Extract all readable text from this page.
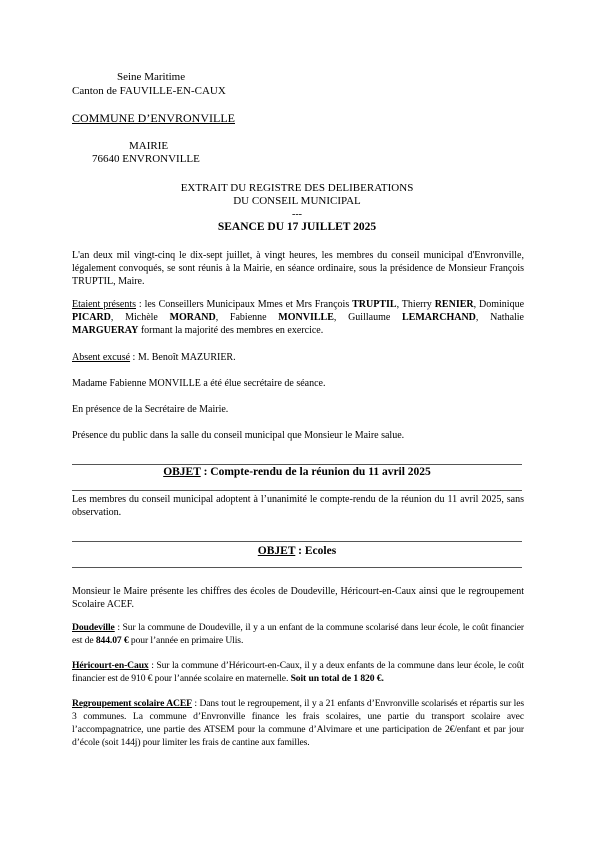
Seine Maritime
Canton de FAUVILLE-EN-CAUX
COMMUNE D’ENVRONVILLE
MAIRIE
76640 ENVRONVILLE
EXTRAIT DU REGISTRE DES DELIBERATIONS
DU CONSEIL MUNICIPAL
---
SEANCE DU 17 JUILLET 2025
L'an deux mil vingt-cinq le dix-sept juillet, à vingt heures, les membres du conseil municipal d'Envronville, légalement convoqués, se sont réunis à la Mairie, en séance ordinaire, sous la présidence de Monsieur François TRUPTIL, Maire.
Etaient présents : les Conseillers Municipaux Mmes et Mrs François TRUPTIL, Thierry RENIER, Dominique PICARD, Michèle MORAND, Fabienne MONVILLE, Guillaume LEMARCHAND, Nathalie MARGUERAY formant la majorité des membres en exercice.
Absent excusé : M. Benoît MAZURIER.
Madame Fabienne MONVILLE a été élue secrétaire de séance.
En présence de la Secrétaire de Mairie.
Présence du public dans la salle du conseil municipal que Monsieur le Maire salue.
OBJET : Compte-rendu de la réunion du 11 avril 2025
Les membres du conseil municipal adoptent à l’unanimité le compte-rendu de la réunion du 11 avril 2025, sans observation.
OBJET : Ecoles
Monsieur le Maire présente les chiffres des écoles de Doudeville, Héricourt-en-Caux ainsi que le regroupement Scolaire ACEF.
Doudeville : Sur la commune de Doudeville, il y a un enfant de la commune scolarisé dans leur école, le coût financier est de 844.07 € pour l’année en primaire Ulis.
Héricourt-en-Caux : Sur la commune d’Héricourt-en-Caux, il y a deux enfants de la commune dans leur école, le coût financier est de 910 € pour l’année scolaire en maternelle. Soit un total de 1 820 €.
Regroupement scolaire ACEF : Dans tout le regroupement, il y a 21 enfants d’Envronville scolarisés et répartis sur les 3 communes. La commune d’Envronville finance les frais scolaires, une partie du transport scolaire avec l’accompagnatrice, une partie des ATSEM pour la commune d’Alvimare et une participation de 2€/enfant et par jour d’école (soit 144j) pour limiter les frais de cantine aux familles.
